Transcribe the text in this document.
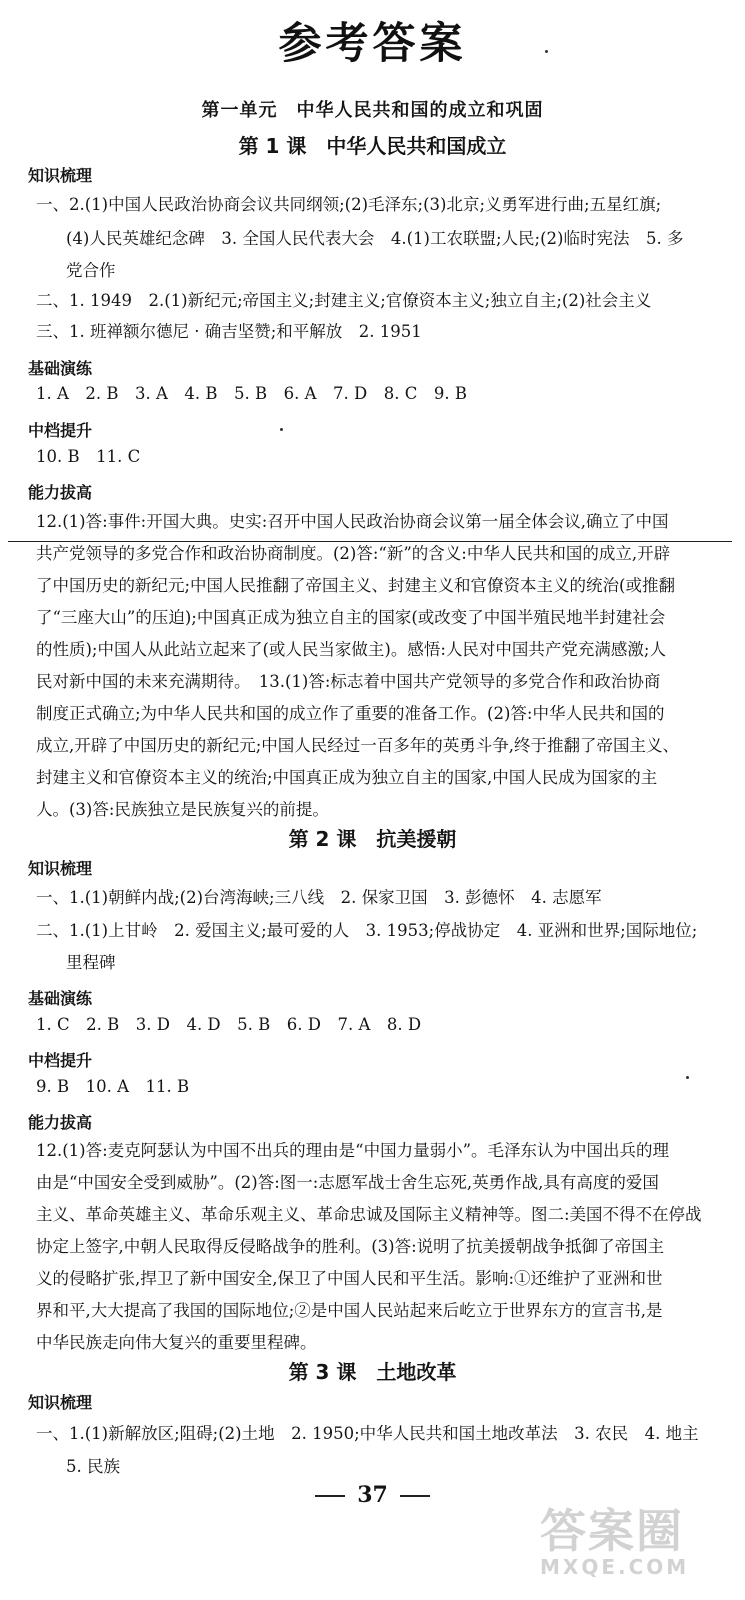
参考答案
第一单元　中华人民共和国的成立和巩固
第 1 课　中华人民共和国成立
知识梳理
一、2.(1)中国人民政治协商会议共同纲领;(2)毛泽东;(3)北京;义勇军进行曲;五星红旗;
(4)人民英雄纪念碑　3. 全国人民代表大会　4.(1)工农联盟;人民;(2)临时宪法　5. 多
党合作
二、1. 1949　2.(1)新纪元;帝国主义;封建主义;官僚资本主义;独立自主;(2)社会主义
三、1. 班禅额尔德尼 · 确吉坚赞;和平解放　2. 1951
基础演练
1. A　2. B　3. A　4. B　5. B　6. A　7. D　8. C　9. B
中档提升
10. B　11. C
能力拔高
12.(1)答:事件:开国大典。史实:召开中国人民政治协商会议第一届全体会议,确立了中国
共产党领导的多党合作和政治协商制度。(2)答:“新”的含义:中华人民共和国的成立,开辟
了中国历史的新纪元;中国人民推翻了帝国主义、封建主义和官僚资本主义的统治(或推翻
了“三座大山”的压迫);中国真正成为独立自主的国家(或改变了中国半殖民地半封建社会
的性质);中国人从此站立起来了(或人民当家做主)。感悟:人民对中国共产党充满感激;人
民对新中国的未来充满期待。　13.(1)答:标志着中国共产党领导的多党合作和政治协商
制度正式确立;为中华人民共和国的成立作了重要的准备工作。(2)答:中华人民共和国的
成立,开辟了中国历史的新纪元;中国人民经过一百多年的英勇斗争,终于推翻了帝国主义、
封建主义和官僚资本主义的统治;中国真正成为独立自主的国家,中国人民成为国家的主
人。(3)答:民族独立是民族复兴的前提。
第 2 课　抗美援朝
知识梳理
一、1.(1)朝鲜内战;(2)台湾海峡;三八线　2. 保家卫国　3. 彭德怀　4. 志愿军
二、1.(1)上甘岭　2. 爱国主义;最可爱的人　3. 1953;停战协定　4. 亚洲和世界;国际地位;
里程碑
基础演练
1. C　2. B　3. D　4. D　5. B　6. D　7. A　8. D
中档提升
9. B　10. A　11. B
能力拔高
12.(1)答:麦克阿瑟认为中国不出兵的理由是“中国力量弱小”。毛泽东认为中国出兵的理
由是“中国安全受到威胁”。(2)答:图一:志愿军战士舍生忘死,英勇作战,具有高度的爱国
主义、革命英雄主义、革命乐观主义、革命忠诚及国际主义精神等。图二:美国不得不在停战
协定上签字,中朝人民取得反侵略战争的胜利。(3)答:说明了抗美援朝战争抵御了帝国主
义的侵略扩张,捍卫了新中国安全,保卫了中国人民和平生活。影响:①还维护了亚洲和世
界和平,大大提高了我国的国际地位;②是中国人民站起来后屹立于世界东方的宣言书,是
中华民族走向伟大复兴的重要里程碑。
第 3 课　土地改革
知识梳理
一、1.(1)新解放区;阻碍;(2)土地　2. 1950;中华人民共和国土地改革法　3. 农民　4. 地主
5. 民族
37
答案圈
MXQE.COM
